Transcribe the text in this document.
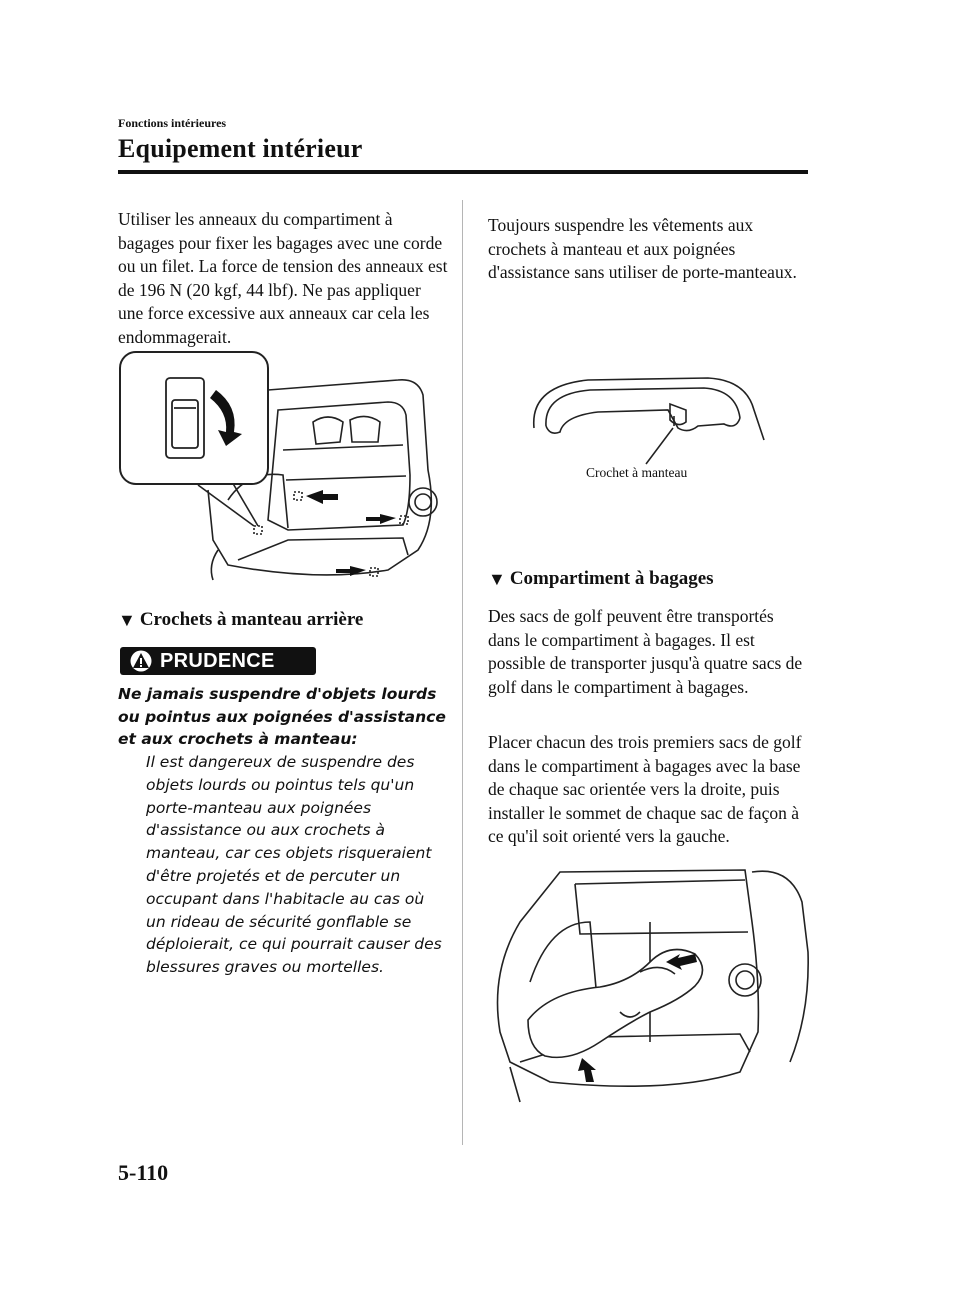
Fonctions intérieures
Equipement intérieur

Utiliser les anneaux du compartiment à bagages pour fixer les bagages avec une corde ou un filet. La force de tension des anneaux est de 196 N (20 kgf, 44 lbf). Ne pas appliquer une force excessive aux anneaux car cela les endommagerait.

▼ Crochets à manteau arrière
PRUDENCE

Ne jamais suspendre d'objets lourds ou pointus aux poignées d'assistance et aux crochets à manteau:

Il est dangereux de suspendre des objets lourds ou pointus tels qu'un porte-manteau aux poignées d'assistance ou aux crochets à manteau, car ces objets risqueraient d'être projetés et de percuter un occupant dans l'habitacle au cas où un rideau de sécurité gonflable se déploierait, ce qui pourrait causer des blessures graves ou mortelles.

Toujours suspendre les vêtements aux crochets à manteau et aux poignées d'assistance sans utiliser de porte-manteaux.

Crochet à manteau
▼ Compartiment à bagages

Des sacs de golf peuvent être transportés dans le compartiment à bagages. Il est possible de transporter jusqu'à quatre sacs de golf dans le compartiment à bagages.

Placer chacun des trois premiers sacs de golf dans le compartiment à bagages avec la base de chaque sac orientée vers la droite, puis installer le sommet de chaque sac de façon à ce qu'il soit orienté vers la gauche.

5-110
